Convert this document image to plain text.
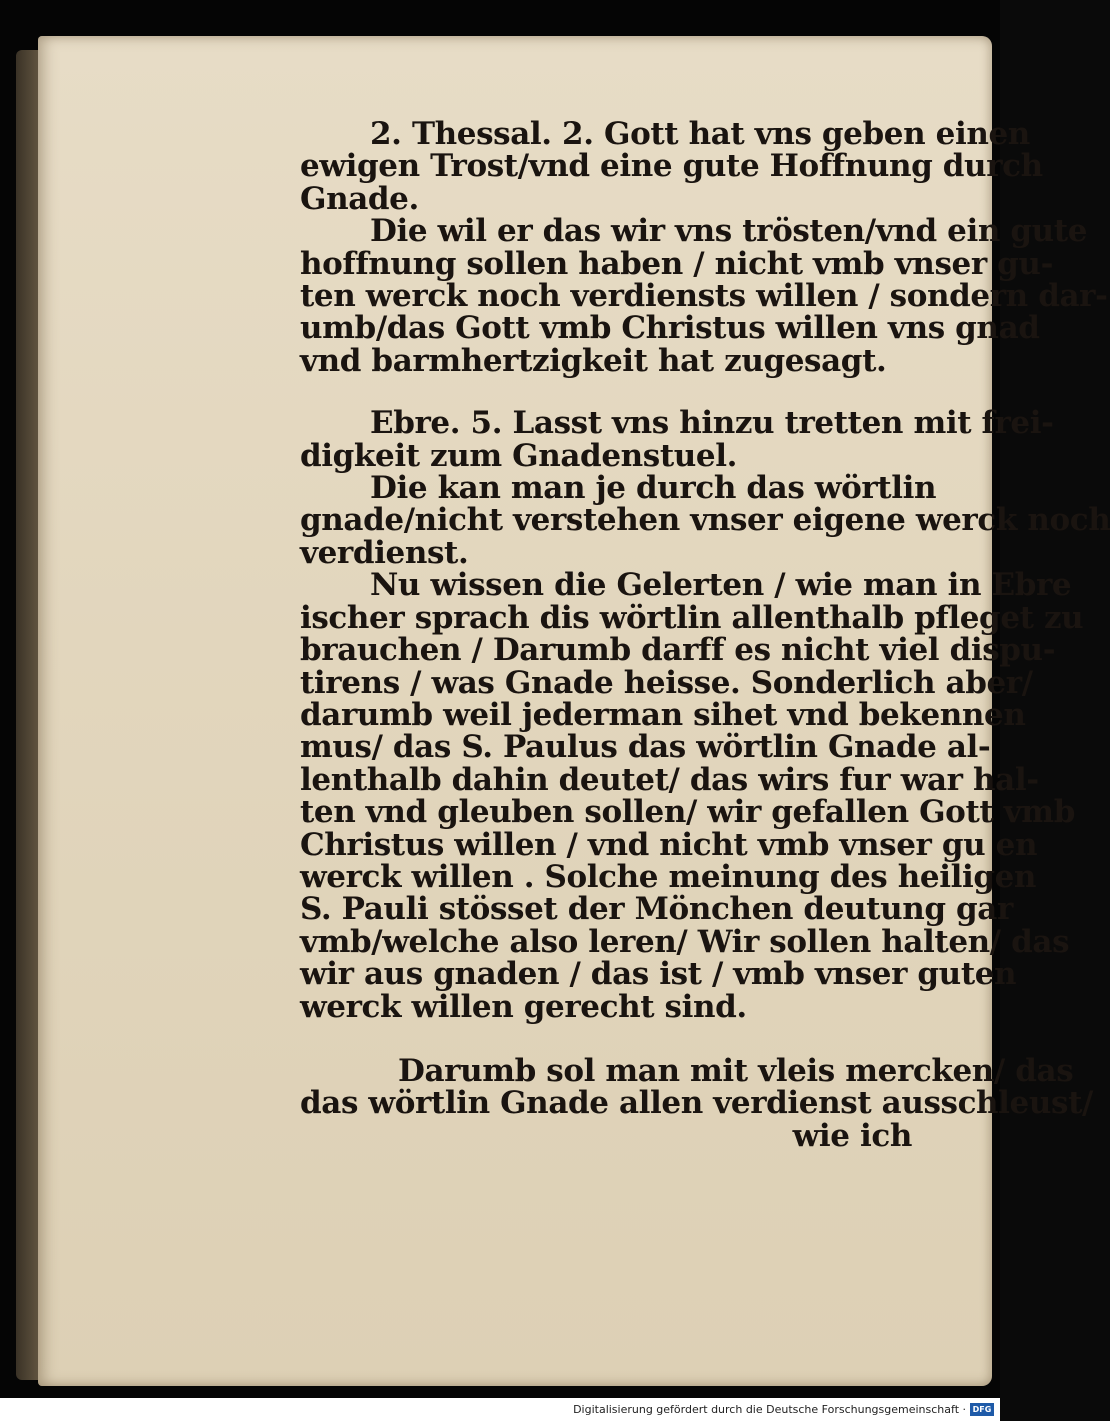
2. Thessal. 2. Gott hat vns geben einen
ewigen Trost/vnd eine gute Hoffnung durch
Gnade.
Die wil er das wir vns trösten/vnd ein gute
hoffnung sollen haben / nicht vmb vnser gu-
ten werck noch verdiensts willen / sondern dar-
umb/das Gott vmb Christus willen vns gnad
vnd barmhertzigkeit hat zugesagt.
Ebre. 5. Lasst vns hinzu tretten mit frei-
digkeit zum Gnadenstuel.
Die kan man je durch das wörtlin
gnade/nicht verstehen vnser eigene werck noch
verdienst.
Nu wissen die Gelerten / wie man in Ebre
ischer sprach dis wörtlin allenthalb pfleget zu
brauchen / Darumb darff es nicht viel dispu-
tirens / was Gnade heisse. Sonderlich aber/
darumb weil jederman sihet vnd bekennen
mus/ das S. Paulus das wörtlin Gnade al-
lenthalb dahin deutet/ das wirs fur war hal-
ten vnd gleuben sollen/ wir gefallen Gott vmb
Christus willen / vnd nicht vmb vnser gu en
werck willen . Solche meinung des heiligen
S. Pauli stösset der Mönchen deutung gar
vmb/welche also leren/ Wir sollen halten/ das
wir aus gnaden / das ist / vmb vnser guten
werck willen gerecht sind.
Darumb sol man mit vleis mercken/ das
das wörtlin Gnade allen verdienst ausschleust/
wie ich
Digitalisierung gefördert durch die Deutsche Forschungsgemeinschaft · DFG
